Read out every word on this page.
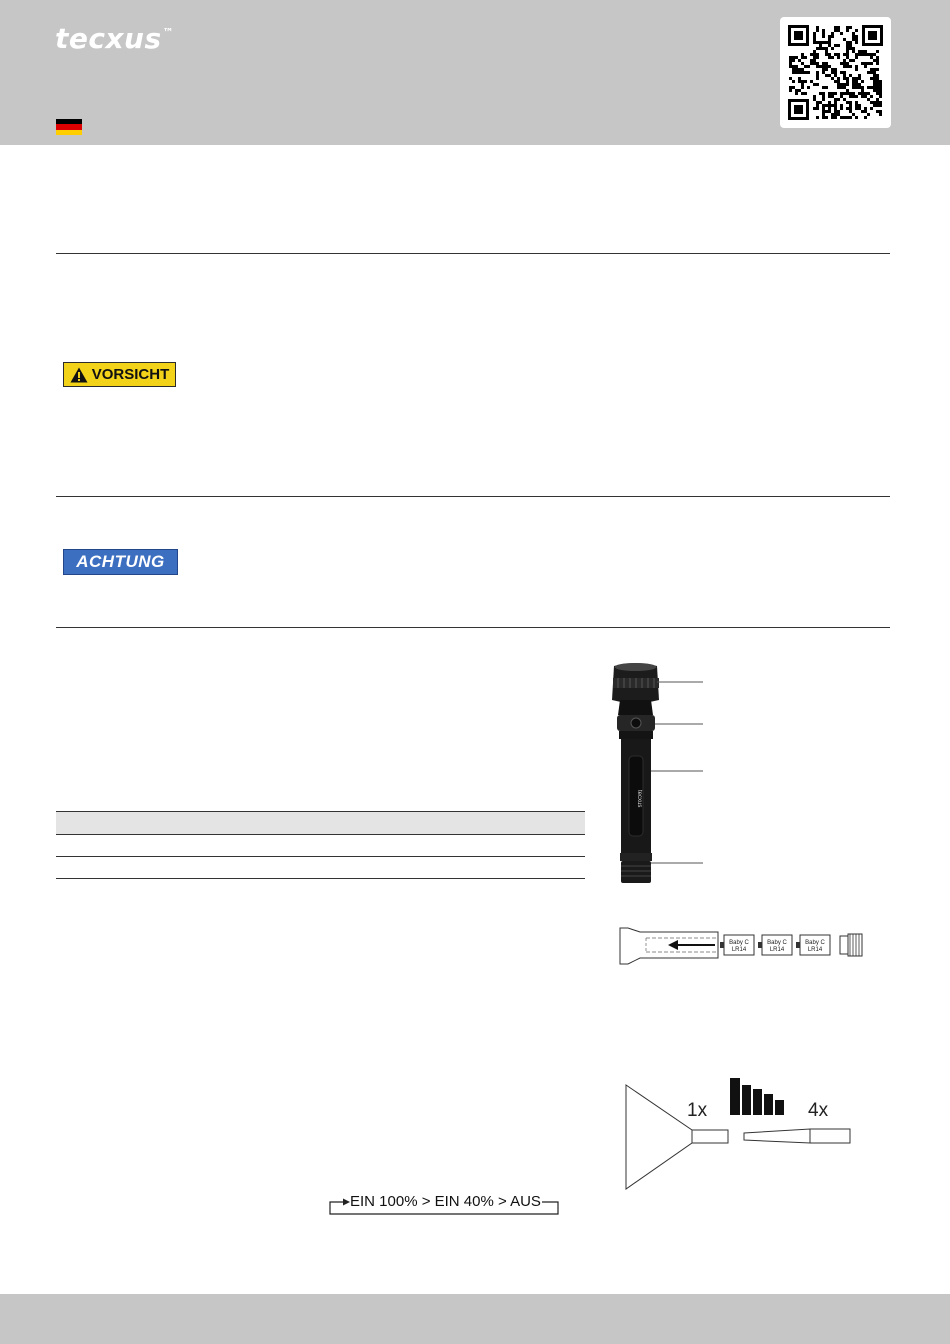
tecxus™
VORSICHT
ACHTUNG
tecxus
Baby C
LR14
Baby C
LR14
Baby C
LR14
1x	4x
EIN 100% > EIN 40% > AUS
